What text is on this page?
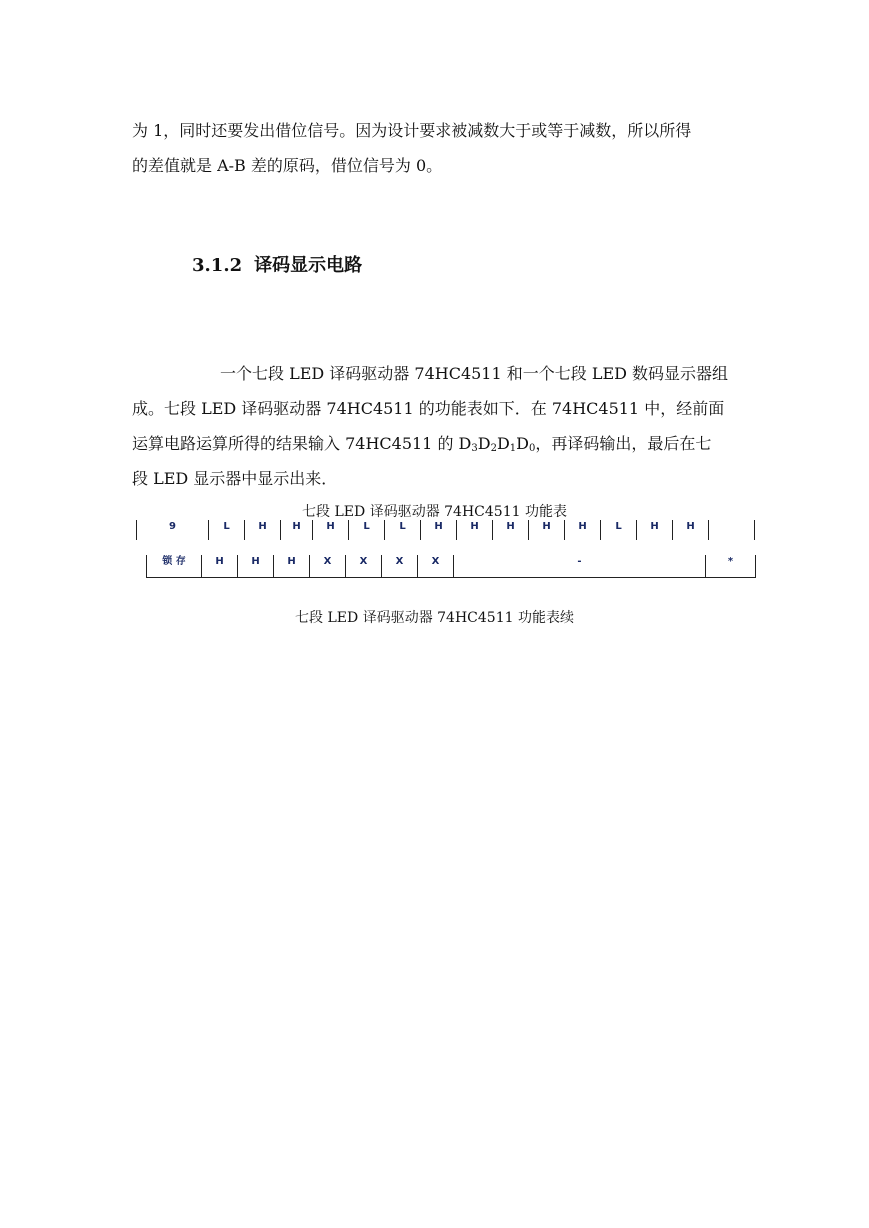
为 1，同时还要发出借位信号。因为设计要求被减数大于或等于减数，所以所得
的差值就是 A-B 差的原码，借位信号为 0。

3.1.2 译码显示电路

一个七段 LED 译码驱动器 74HC4511 和一个七段 LED 数码显示器组
成。七段 LED 译码驱动器 74HC4511 的功能表如下．在 74HC4511 中，经前面
运算电路运算所得的结果输入 74HC4511 的 $D_3D_2D_1D_0$，再译码输出，最后在七
段 LED 显示器中显示出来．

七段 LED 译码驱动器 74HC4511 功能表

9	L	H	H	H	L	L	H	H	H	H	H	L	H	H	
锁 存	H	H	H	X	X	X	X	-	*

七段 LED 译码驱动器 74HC4511 功能表续
